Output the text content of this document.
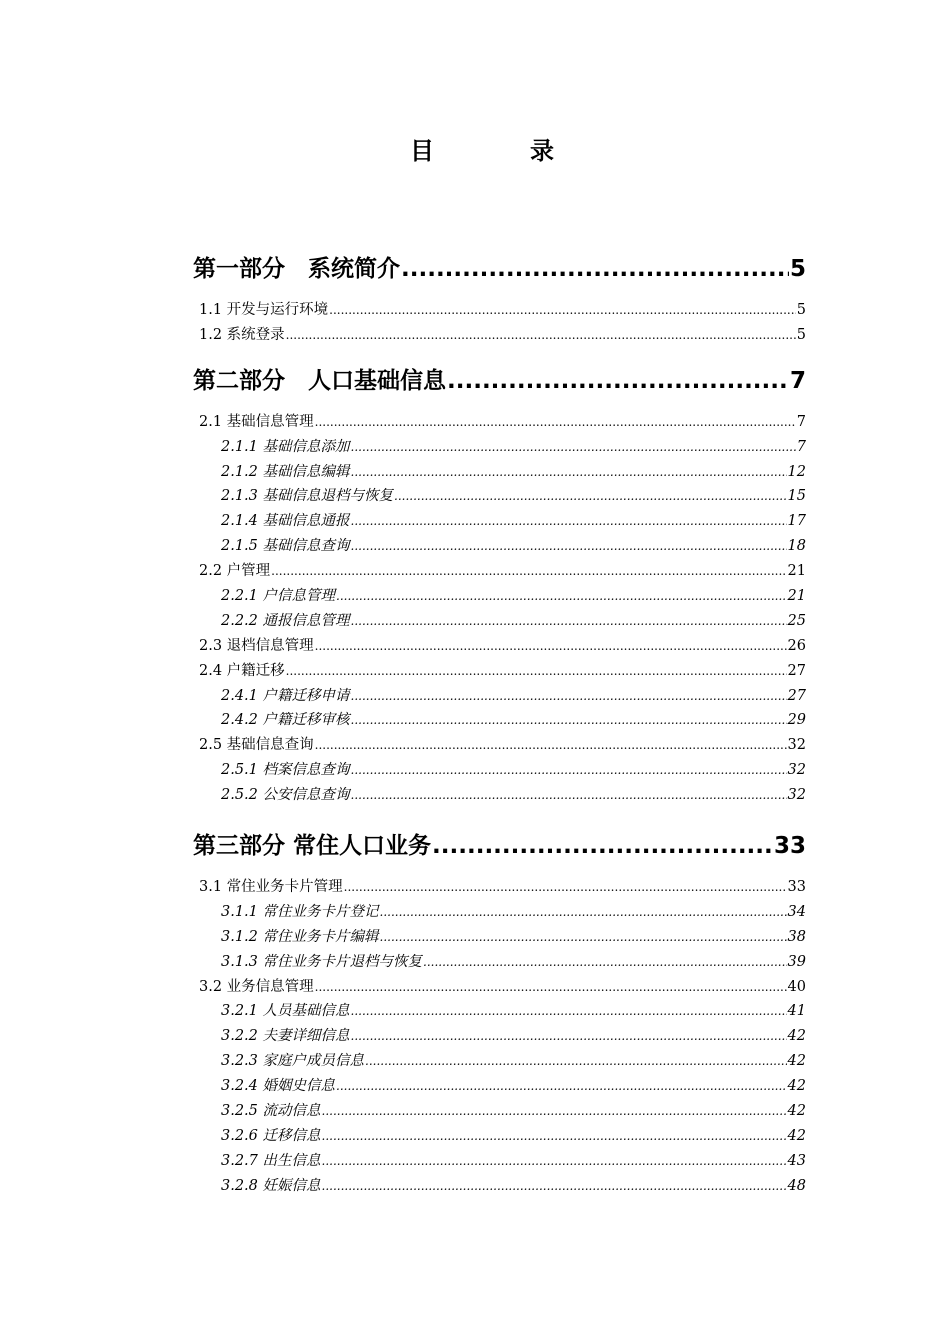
目　录
第一部分　系统简介 .....	5
1.1 开发与运行环境 .....	5
1.2 系统登录 .....	5
第二部分　人口基础信息 .....	7
2.1 基础信息管理 .....	7
2.1.1 基础信息添加 .....	7
2.1.2 基础信息编辑 .....	12
2.1.3 基础信息退档与恢复 .....	15
2.1.4 基础信息通报 .....	17
2.1.5 基础信息查询 .....	18
2.2 户管理 .....	21
2.2.1 户信息管理 .....	21
2.2.2 通报信息管理 .....	25
2.3 退档信息管理 .....	26
2.4 户籍迁移 .....	27
2.4.1 户籍迁移申请 .....	27
2.4.2 户籍迁移审核 .....	29
2.5 基础信息查询 .....	32
2.5.1 档案信息查询 .....	32
2.5.2 公安信息查询 .....	32
第三部分 常住人口业务 .....	33
3.1 常住业务卡片管理 .....	33
3.1.1 常住业务卡片登记 .....	34
3.1.2 常住业务卡片编辑 .....	38
3.1.3 常住业务卡片退档与恢复 .....	39
3.2 业务信息管理 .....	40
3.2.1 人员基础信息 .....	41
3.2.2 夫妻详细信息 .....	42
3.2.3 家庭户成员信息 .....	42
3.2.4 婚姻史信息 .....	42
3.2.5 流动信息 .....	42
3.2.6 迁移信息 .....	42
3.2.7 出生信息 .....	43
3.2.8 妊娠信息 .....	48
